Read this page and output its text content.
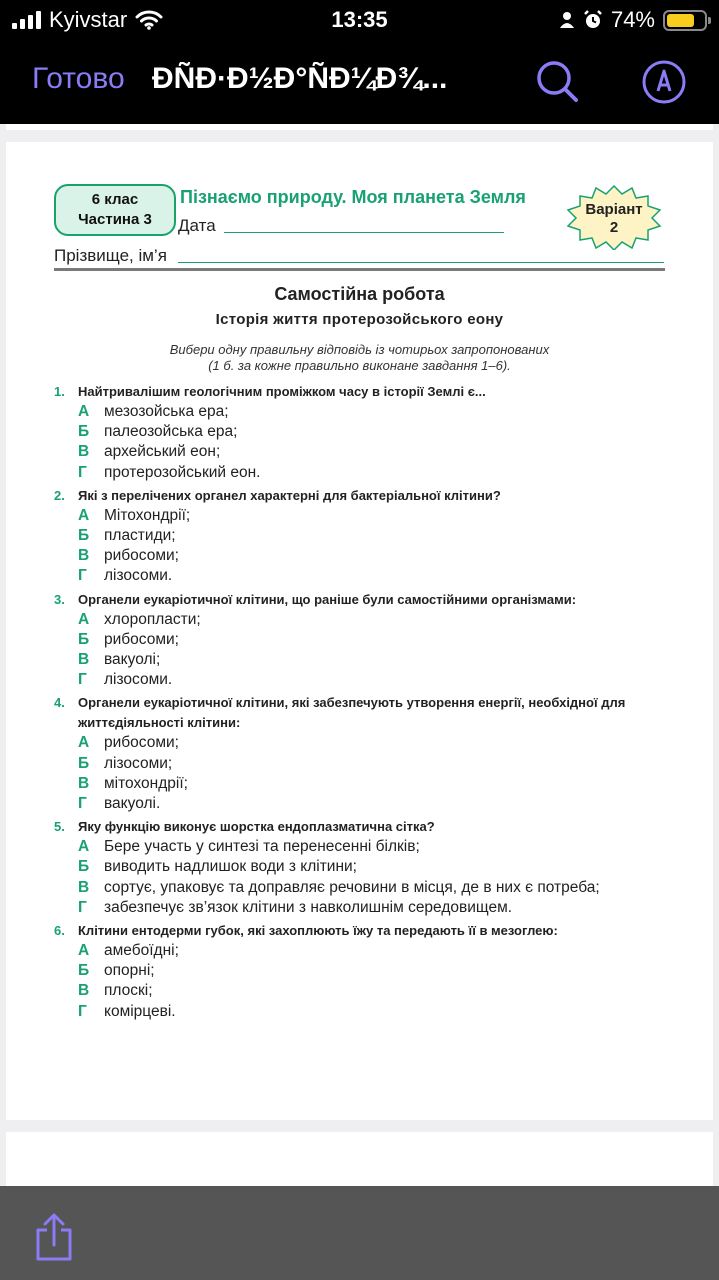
Kyivstar	13:35	74%
Готово ÐÑÐ·Ð½Ð°ÑÐ¼Ð¾...
6 клас
Частина 3
Пізнаємо природу. Моя планета Земля
Дата
Варіант
2
Прізвище, ім’я
Самостійна робота
Історія життя протерозойського еону
Вибери одну правильну відповідь із чотирьох запропонованих
(1 б. за кожне правильно виконане завдання 1–6).
1.	Найтривалішим геологічним проміжком часу в історії Землі є...
А мезозойська ера;
Б палеозойська ера;
В архейський еон;
Г	протерозойський еон.
2.	Які з перелічених органел характерні для бактеріальної клітини?
А Мітохондрії;
Б пластиди;
В рибосоми;
Г	лізосоми.
3.	Органели еукаріотичної клітини, що раніше були самостійними організмами:
А хлоропласти;
Б рибосоми;
В вакуолі;
Г	лізосоми.
4.	Органели еукаріотичної клітини, які забезпечують утворення енергії, необхідної для життєдіяльності клітини:
А рибосоми;
Б лізосоми;
В мітохондрії;
Г	вакуолі.
5.	Яку функцію виконує шорстка ендоплазматична сітка?
А Бере участь у синтезі та перенесенні білків;
Б виводить надлишок води з клітини;
В сортує, упаковує та доправляє речовини в місця, де в них є потреба;
Г	забезпечує зв’язок клітини з навколишнім середовищем.
6.	Клітини ентодерми губок, які захоплюють їжу та передають її в мезоглею:
А амебоїдні;
Б опорні;
В плоскі;
Г	комірцеві.
